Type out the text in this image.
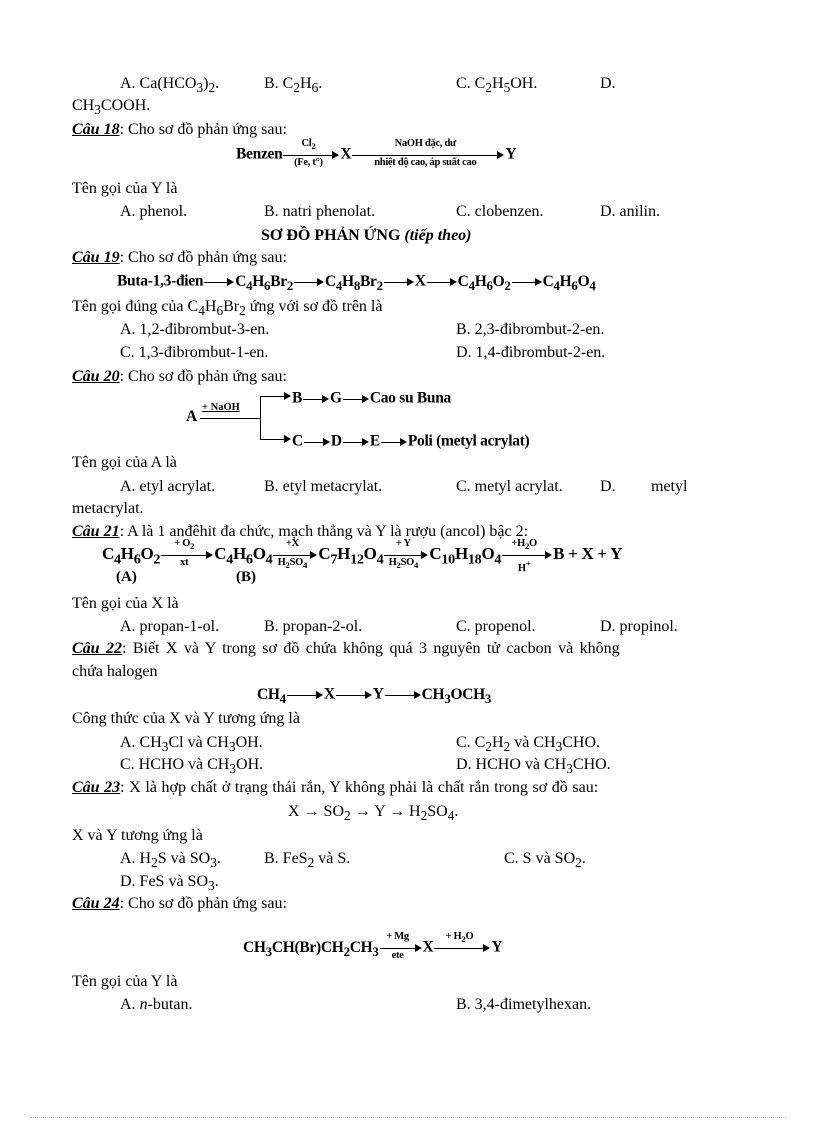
A. $Ca(HCO_3)_2$.	B. $C_2H_6$.	C. $C_2H_5OH$.	D.
$CH_3COOH$.
Câu 18: Cho sơ đồ phản ứng sau:
Benzen $\frac{Cl_2}{(Fe, t^\circ)}$ X
NaOH đặc, dư
nhiệt độ cao, áp suất cao	Y
Tên gọi của Y là
A. phenol.	B. natri phenolat.	C. clobenzen.	D. anilin.
SƠ ĐỒ PHẢN ỨNG (tiếp theo)
Câu 19: Cho sơ đồ phản ứng sau:
Buta-1,3-đien $C_4H_6Br_2$ $C_4H_8Br_2$ X $C_4H_6O_2$ $C_4H_6O_4$
Tên gọi đúng của $C_4H_6Br_2$ ứng với sơ đồ trên là
A. 1,2-đibrombut-3-en.	B. 2,3-đibrombut-2-en.
C. 1,3-đibrombut-1-en.	D. 1,4-đibrombut-2-en.
Câu 20: Cho sơ đồ phản ứng sau:
A
+ NaOH
B G Cao su Buna
C D E Poli (metyl acrylat)
Tên gọi của A là
A. etyl acrylat.	B. etyl metacrylat.	C. metyl acrylat. D. metyl
metacrylat.
Câu 21: A là 1 anđêhit đa chức, mạch thẳng và Y là rượu (ancol) bậc 2:
$C_4H_6O_2 \frac{+ O_2}{xt} C_4H_6O_4 \frac{+X}{H_2SO_4} C_7H_{12}O_4 \frac{+ Y}{H_2SO_4} C_{10}H_{18}O_4 \frac{+H_2O}{H^+}$ B + X + Y
(A)	(B)
Tên gọi của X là
A. propan-1-ol.	B. propan-2-ol.	C. propenol.	D. propinol.
Câu 22: Biết X và Y trong sơ đồ chứa không quá 3 nguyên tử cacbon và không
chứa halogen
$CH_4$ X Y $CH_3OCH_3$
Công thức của X và Y tương ứng là
A. $CH_3Cl$ và $CH_3OH$.	C. $C_2H_2$ và $CH_3CHO$.
C. HCHO và $CH_3OH$.	D. HCHO và $CH_3CHO$.
Câu 23: X là hợp chất ở trạng thái rắn, Y không phải là chất rắn trong sơ đồ sau:
$X \to SO_2 \to Y \to H_2SO_4$.
X và Y tương ứng là
A. $H_2S$ và $SO_3$.	B. FeS$_2$ và S.	C. S và $SO_2$.
D. FeS và $SO_3$.
Câu 24: Cho sơ đồ phản ứng sau:
$CH_3CH(Br)CH_2CH_3$
+ Mg
ete	X
+ $H_2O$
Y
Tên gọi của Y là
A. n-butan.	B. 3,4-đimetylhexan.
